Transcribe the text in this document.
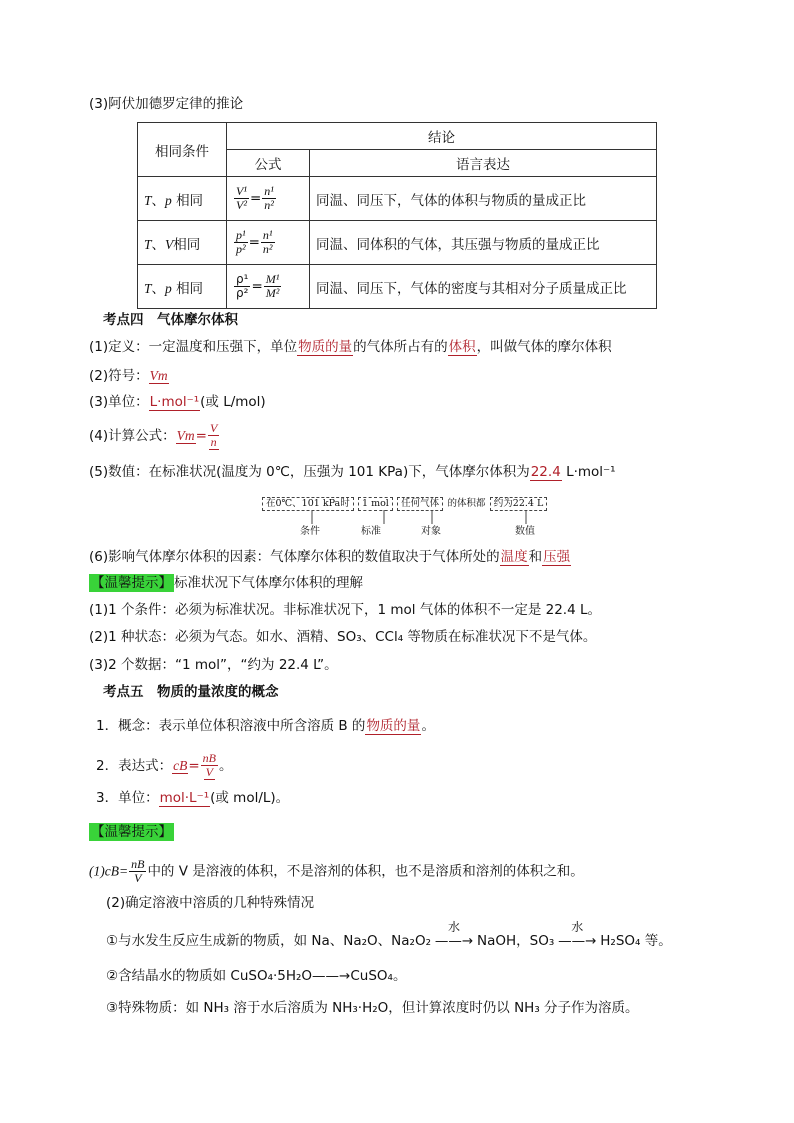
(3)阿伏加德罗定律的推论
相同条件	结论	
	公式	语言表达
T、p 相同	$\frac{\text{V¹}}{\text{V²}} = \frac{\text{n¹}}{\text{n²}}$	同温、同压下，气体的体积与物质的量成正比
T、V相同	$\frac{\text{p¹}}{\text{p²}} = \frac{\text{n¹}}{\text{n²}}$	同温、同体积的气体，其压强与物质的量成正比
T、p 相同	$\frac{\text{ρ¹}}{\text{ρ²}} = \frac{\text{M¹}}{\text{M²}}$	同温、同压下，气体的密度与其相对分子质量成正比
考点四　气体摩尔体积
(1)定义：一定温度和压强下，单位物质的量的气体所占有的体积，叫做气体的摩尔体积
(2)符号：Vm
(3)单位：L·mol⁻¹(或 L/mol)
(4)计算公式：$Vm= \frac{V}{n}$
(5)数值：在标准状况(温度为 0℃，压强为 101 KPa)下，气体摩尔体积为22.4 L·mol⁻¹
在0℃、101 kPa时 1 mol 任何气体 的体积都 约为22.4 L
条件	标准	对象	数值
(6)影响气体摩尔体积的因素：气体摩尔体积的数值取决于气体所处的温度和压强
【温馨提示】 标准状况下气体摩尔体积的理解
(1)1 个条件：必须为标准状况。非标准状况下，1 mol 气体的体积不一定是 22.4 L。
(2)1 种状态：必须为气态。如水、酒精、SO₃、CCl₄ 等物质在标准状况下不是气体。
(3)2 个数据：“1 mol”，“约为 22.4 L”。
考点五　物质的量浓度的概念
1．概念：表示单位体积溶液中所含溶质 B 的物质的量。
2．表达式：$cB= \frac{nB}{V}$ 。
3．单位：mol·L⁻¹(或 mol/L)。
【温馨提示】
$(1)cB= \frac{nB}{V}$ 中的 V 是溶液的体积，不是溶剂的体积，也不是溶质和溶剂的体积之和。
(2)确定溶液中溶质的几种特殊情况
①与水发生反应生成新的物质，如 Na、Na₂O、Na₂O₂
水
——→ NaOH，SO₃
水
——→ H₂SO₄ 等。
②含结晶水的物质如 CuSO₄·5H₂O——→CuSO₄。
③特殊物质：如 NH₃ 溶于水后溶质为 NH₃·H₂O，但计算浓度时仍以 NH₃ 分子作为溶质。
